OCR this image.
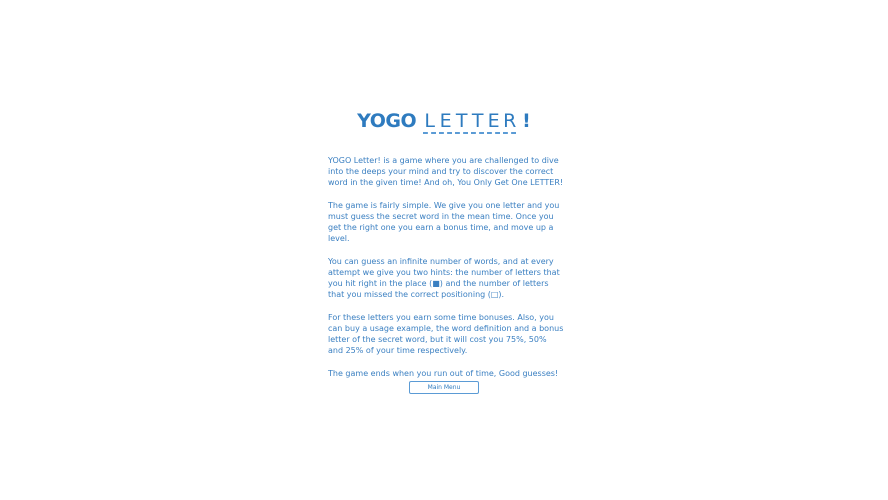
YOGO L E T T E R !

YOGO Letter! is a game where you are challenged to dive into the deeps your mind and try to discover the correct word in the given time! And oh, You Only Get One LETTER!

The game is fairly simple. We give you one letter and you must guess the secret word in the mean time. Once you get the right one you earn a bonus time, and move up a level.

You can guess an infinite number of words, and at every attempt we give you two hints: the number of letters that you hit right in the place (■) and the number of letters that you missed the correct positioning (□).

For these letters you earn some time bonuses. Also, you can buy a usage example, the word definition and a bonus letter of the secret word, but it will cost you 75%, 50% and 25% of your time respectively.

The game ends when you run out of time, Good guesses!

Main Menu
